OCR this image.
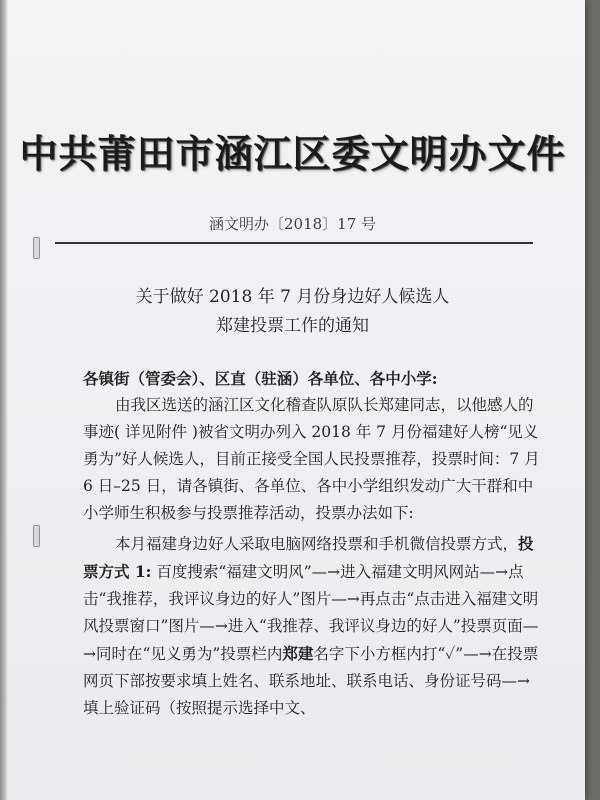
中共莆田市涵江区委文明办文件
涵文明办〔2018〕17 号
关于做好 2018 年 7 月份身边好人候选人
郑建投票工作的通知

各镇街（管委会）、区直（驻涵）各单位、各中小学:

由我区选送的涵江区文化稽查队原队长郑建同志，以他感人的事迹( 详见附件 )被省文明办列入 2018 年 7 月份福建好人榜“见义勇为”好人候选人，目前正接受全国人民投票推荐，投票时间：7 月 6 日–25 日，请各镇街、各单位、各中小学组织发动广大干群和中小学师生积极参与投票推荐活动，投票办法如下:

本月福建身边好人采取电脑网络投票和手机微信投票方式，投票方式 1: 百度搜索“福建文明风”—→进入福建文明风网站—→点击“我推荐，我评议身边的好人”图片—→再点击“点击进入福建文明风投票窗口”图片—→进入“我推荐、我评议身边的好人”投票页面—→同时在“见义勇为”投票栏内郑建名字下小方框内打“✓”—→在投票网页下部按要求填上姓名、联系地址、联系电话、身份证号码—→填上验证码（按照提示选择中文、
